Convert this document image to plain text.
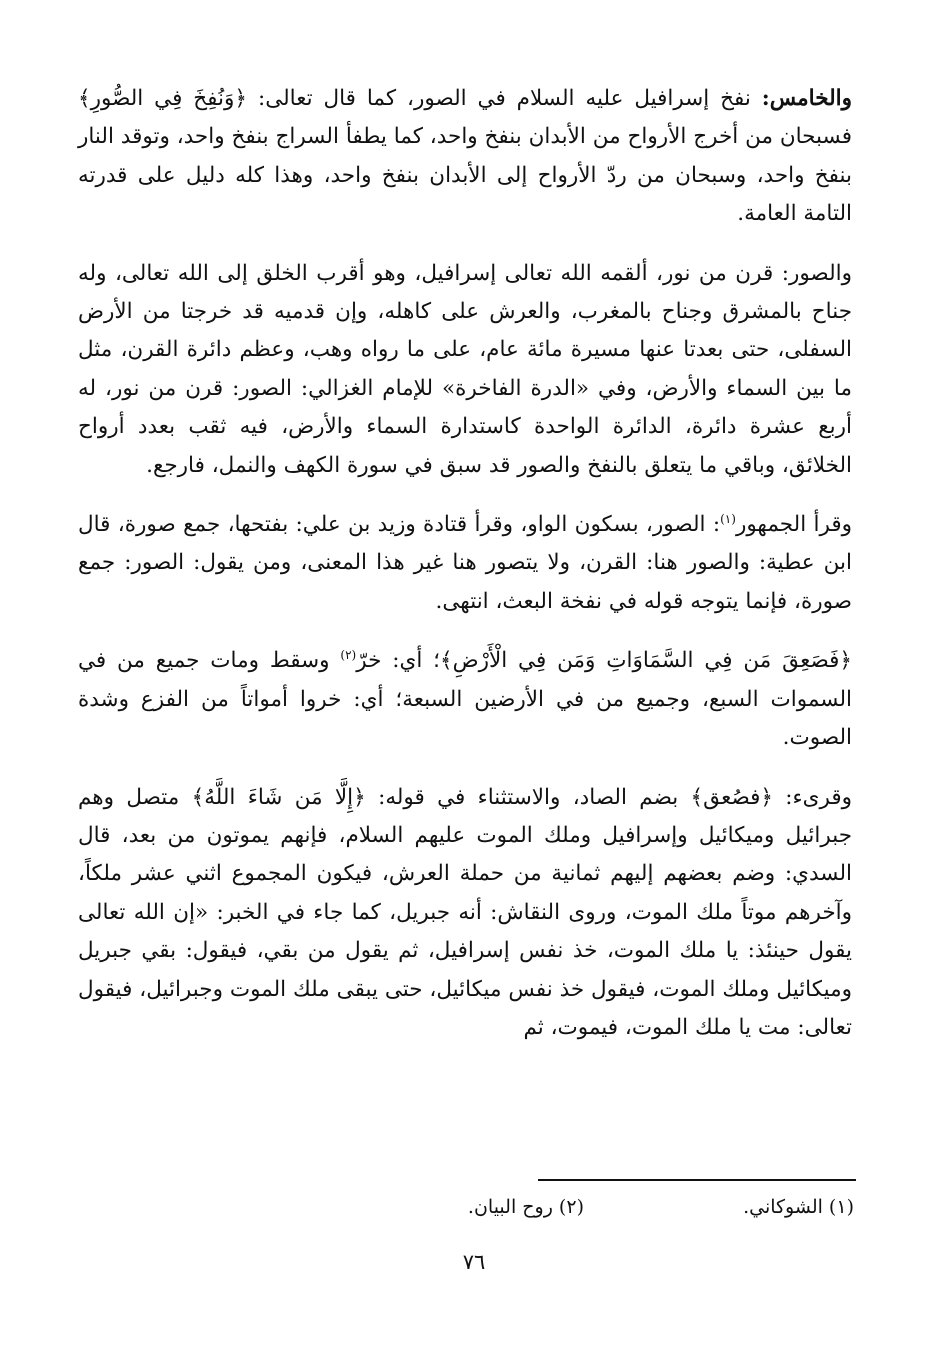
والخامس: نفخ إسرافيل عليه السلام في الصور، كما قال تعالى: ﴿وَنُفِخَ فِي الصُّورِ﴾ فسبحان من أخرج الأرواح من الأبدان بنفخ واحد، كما يطفأ السراج بنفخ واحد، وتوقد النار بنفخ واحد، وسبحان من ردّ الأرواح إلى الأبدان بنفخ واحد، وهذا كله دليل على قدرته التامة العامة.

والصور: قرن من نور، ألقمه الله تعالى إسرافيل، وهو أقرب الخلق إلى الله تعالى، وله جناح بالمشرق وجناح بالمغرب، والعرش على كاهله، وإن قدميه قد خرجتا من الأرض السفلى، حتى بعدتا عنها مسيرة مائة عام، على ما رواه وهب، وعظم دائرة القرن، مثل ما بين السماء والأرض، وفي «الدرة الفاخرة» للإمام الغزالي: الصور: قرن من نور، له أربع عشرة دائرة، الدائرة الواحدة كاستدارة السماء والأرض، فيه ثقب بعدد أرواح الخلائق، وباقي ما يتعلق بالنفخ والصور قد سبق في سورة الكهف والنمل، فارجع.

وقرأ الجمهور$^{(١)}$: الصور، بسكون الواو، وقرأ قتادة وزيد بن علي: بفتحها، جمع صورة، قال ابن عطية: والصور هنا: القرن، ولا يتصور هنا غير هذا المعنى، ومن يقول: الصور: جمع صورة، فإنما يتوجه قوله في نفخة البعث، انتهى.

﴿فَصَعِقَ مَن فِي السَّمَاوَاتِ وَمَن فِي الْأَرْضِ﴾؛ أي: خرّ$^{(٢)}$ وسقط ومات جميع من في السموات السبع، وجميع من في الأرضين السبعة؛ أي: خروا أمواتاً من الفزع وشدة الصوت.

وقرىء: ﴿فصُعق﴾ بضم الصاد، والاستثناء في قوله: ﴿إِلَّا مَن شَاءَ اللَّهُ﴾ متصل وهم جبرائيل وميكائيل وإسرافيل وملك الموت عليهم السلام، فإنهم يموتون من بعد، قال السدي: وضم بعضهم إليهم ثمانية من حملة العرش، فيكون المجموع اثني عشر ملكاً، وآخرهم موتاً ملك الموت، وروى النقاش: أنه جبريل، كما جاء في الخبر: «إن الله تعالى يقول حينئذ: يا ملك الموت، خذ نفس إسرافيل، ثم يقول من بقي، فيقول: بقي جبريل وميكائيل وملك الموت، فيقول خذ نفس ميكائيل، حتى يبقى ملك الموت وجبرائيل، فيقول تعالى: مت يا ملك الموت، فيموت، ثم

(١) الشوكاني.(٢) روح البيان.
٧٦
